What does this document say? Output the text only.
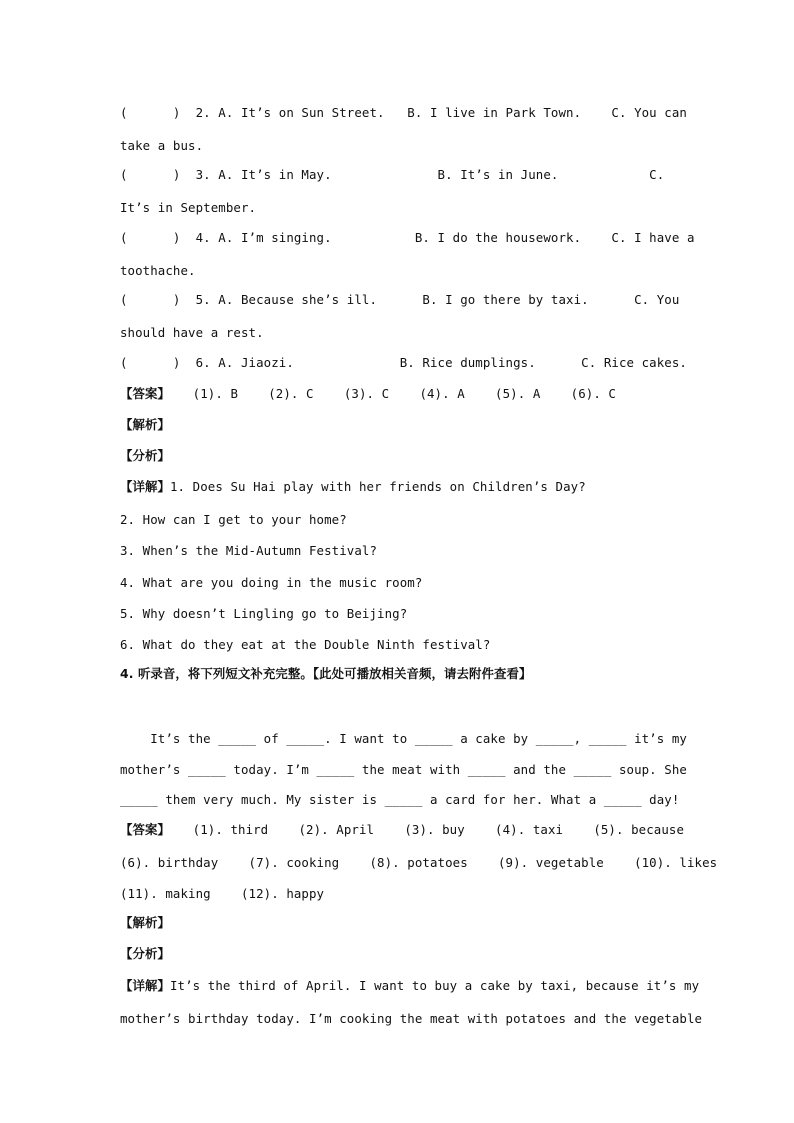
(      )  2. A. It’s on Sun Street.   B. I live in Park Town.    C. You can
take a bus.
(      )  3. A. It’s in May.              B. It’s in June.            C.
It’s in September.
(      )  4. A. I’m singing.           B. I do the housework.    C. I have a
toothache.
(      )  5. A. Because she’s ill.      B. I go there by taxi.      C. You
should have a rest.
(      )  6. A. Jiaozi.              B. Rice dumplings.      C. Rice cakes.
【答案】   (1). B    (2). C    (3). C    (4). A    (5). A    (6). C
【解析】
【分析】
【详解】1. Does Su Hai play with her friends on Children’s Day?
2. How can I get to your home?
3. When’s the Mid-Autumn Festival?
4. What are you doing in the music room?
5. Why doesn’t Lingling go to Beijing?
6. What do they eat at the Double Ninth festival?
4. 听录音，将下列短文补充完整。【此处可播放相关音频，请去附件查看】
It’s the _____ of _____. I want to _____ a cake by _____, _____ it’s my
mother’s _____ today. I’m _____ the meat with _____ and the _____ soup. She
_____ them very much. My sister is _____ a card for her. What a _____ day!
【答案】   (1). third    (2). April    (3). buy    (4). taxi    (5). because
(6). birthday    (7). cooking    (8). potatoes    (9). vegetable    (10). likes
(11). making    (12). happy
【解析】
【分析】
【详解】It’s the third of April. I want to buy a cake by taxi, because it’s my
mother’s birthday today. I’m cooking the meat with potatoes and the vegetable
